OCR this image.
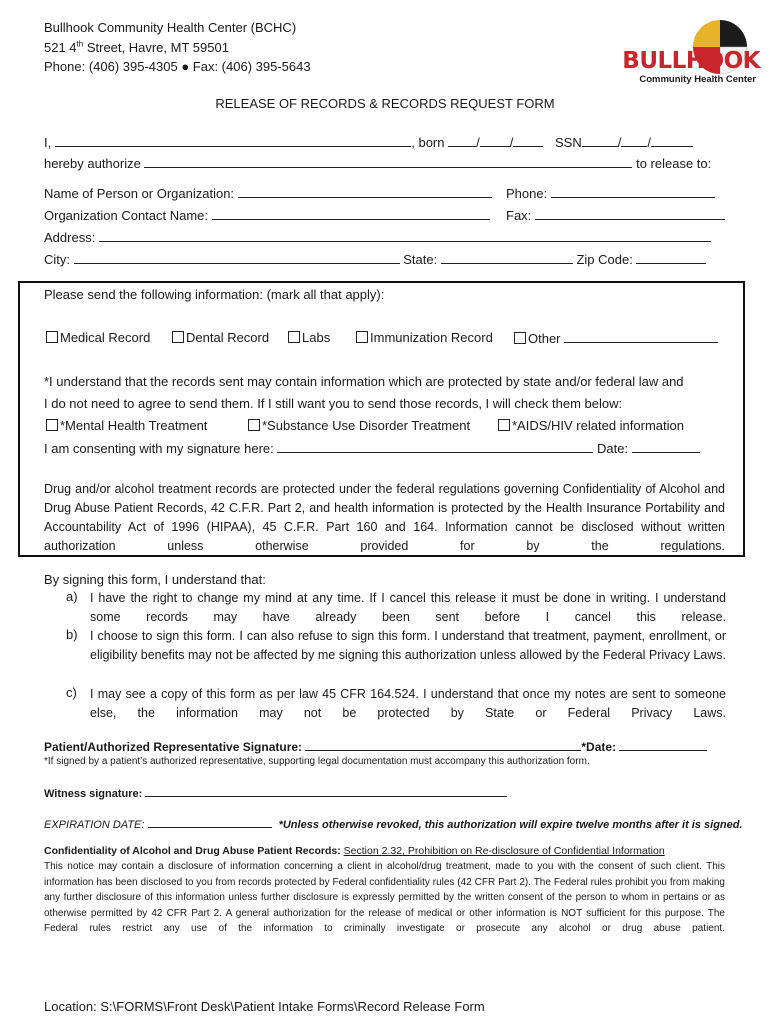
Bullhook Community Health Center (BCHC)
521 4th Street, Havre, MT 59501
Phone: (406) 395-4305 ● Fax: (406) 395-5643	BULLHOOK
Community Health Center
RELEASE OF RECORDS & RECORDS REQUEST FORM
I,	, born / /	SSN	/ /
hereby authorize	to release to:
Name of Person or Organization:	Phone:
Organization Contact Name:	Fax:
Address:
City:	State:	Zip Code:
Please send the following information: (mark all that apply):
Medical Record	Dental Record	Labs	Immunization Record	Other
*I understand that the records sent may contain information which are protected by state and/or federal law and
I do not need to agree to send them. If I still want you to send those records, I will check them below:
*Mental Health Treatment	*Substance Use Disorder Treatment	*AIDS/HIV related information
I am consenting with my signature here:	Date:
Drug and/or alcohol treatment records are protected under the federal regulations governing Confidentiality of Alcohol and Drug Abuse Patient Records, 42 C.F.R. Part 2, and health information is protected by the Health Insurance Portability and Accountability Act of 1996 (HIPAA), 45 C.F.R. Part 160 and 164. Information cannot be disclosed without written authorization unless otherwise provided for by the regulations.
By signing this form, I understand that:
a) I have the right to change my mind at any time. If I cancel this release it must be done in writing. I understand some records may have already been sent before I cancel this release.
b) I choose to sign this form. I can also refuse to sign this form. I understand that treatment, payment, enrollment, or eligibility benefits may not be affected by me signing this authorization unless allowed by the Federal Privacy Laws.
c) I may see a copy of this form as per law 45 CFR 164.524. I understand that once my notes are sent to someone else, the information may not be protected by State or Federal Privacy Laws.
Patient/Authorized Representative Signature:	*Date:
*If signed by a patient’s authorized representative, supporting legal documentation must accompany this authorization form.
Witness signature:
EXPIRATION DATE:	*Unless otherwise revoked, this authorization will expire twelve months after it is signed.
Confidentiality of Alcohol and Drug Abuse Patient Records: Section 2.32, Prohibition on Re-disclosure of Confidential Information
This notice may contain a disclosure of information concerning a client in alcohol/drug treatment, made to you with the consent of such client. This information has been disclosed to you from records protected by Federal confidentiality rules (42 CFR Part 2). The Federal rules prohibit you from making any further disclosure of this information unless further disclosure is expressly permitted by the written consent of the person to whom in pertains or as otherwise permitted by 42 CFR Part 2. A general authorization for the release of medical or other information is NOT sufficient for this purpose. The Federal rules restrict any use of the information to criminally investigate or prosecute any alcohol or drug abuse patient.
Location: S:\FORMS\Front Desk\Patient Intake Forms\Record Release Form
